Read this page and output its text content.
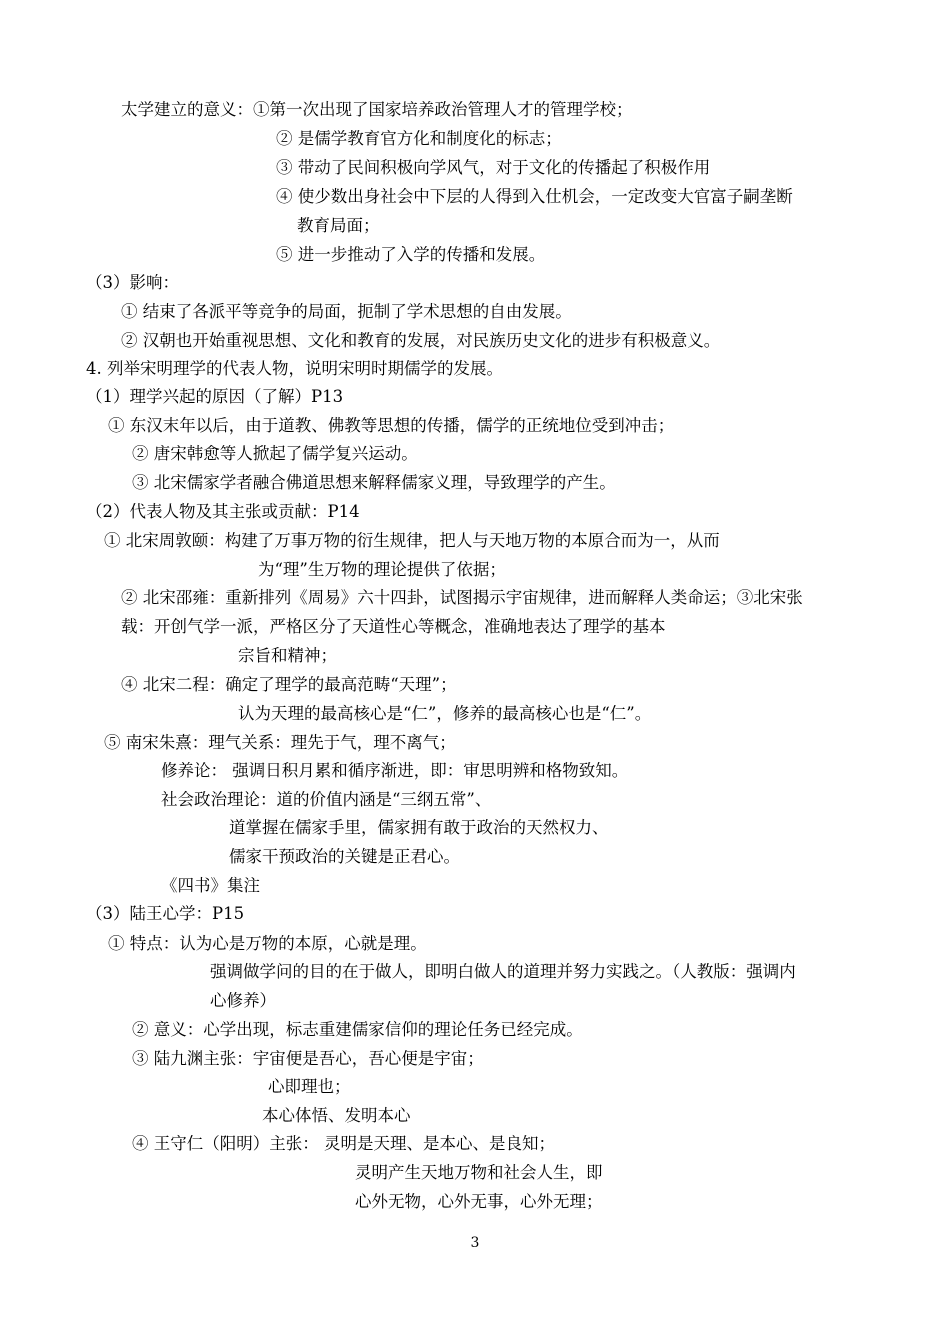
太学建立的意义：①第一次出现了国家培养政治管理人才的管理学校；
② 是儒学教育官方化和制度化的标志；
③ 带动了民间积极向学风气，对于文化的传播起了积极作用
④ 使少数出身社会中下层的人得到入仕机会，一定改变大官富子嗣垄断
教育局面；
⑤ 进一步推动了入学的传播和发展。
（3）影响：
① 结束了各派平等竞争的局面，扼制了学术思想的自由发展。
② 汉朝也开始重视思想、文化和教育的发展，对民族历史文化的进步有积极意义。
4. 列举宋明理学的代表人物，说明宋明时期儒学的发展。
（1）理学兴起的原因（了解）P13
① 东汉末年以后，由于道教、佛教等思想的传播，儒学的正统地位受到冲击；
② 唐宋韩愈等人掀起了儒学复兴运动。
③ 北宋儒家学者融合佛道思想来解释儒家义理，导致理学的产生。
（2）代表人物及其主张或贡献：P14
① 北宋周敦颐：构建了万事万物的衍生规律，把人与天地万物的本原合而为一，从而
为“理”生万物的理论提供了依据；
② 北宋邵雍：重新排列《周易》六十四卦，试图揭示宇宙规律，进而解释人类命运；③北宋张
载：开创气学一派，严格区分了天道性心等概念，准确地表达了理学的基本
宗旨和精神；
④ 北宋二程：确定了理学的最高范畴“天理”；
认为天理的最高核心是“仁”，修养的最高核心也是“仁”。
⑤ 南宋朱熹：理气关系：理先于气，理不离气；
修养论： 强调日积月累和循序渐进，即：审思明辨和格物致知。
社会政治理论：道的价值内涵是“三纲五常”、
道掌握在儒家手里，儒家拥有敢于政治的天然权力、
儒家干预政治的关键是正君心。
《四书》集注
（3）陆王心学：P15
① 特点：认为心是万物的本原，心就是理。
强调做学问的目的在于做人，即明白做人的道理并努力实践之。（人教版：强调内
心修养）
② 意义：心学出现，标志重建儒家信仰的理论任务已经完成。
③ 陆九渊主张：宇宙便是吾心，吾心便是宇宙；
心即理也；
本心体悟、发明本心
④ 王守仁（阳明）主张： 灵明是天理、是本心、是良知；
灵明产生天地万物和社会人生，即
心外无物，心外无事，心外无理；
3
